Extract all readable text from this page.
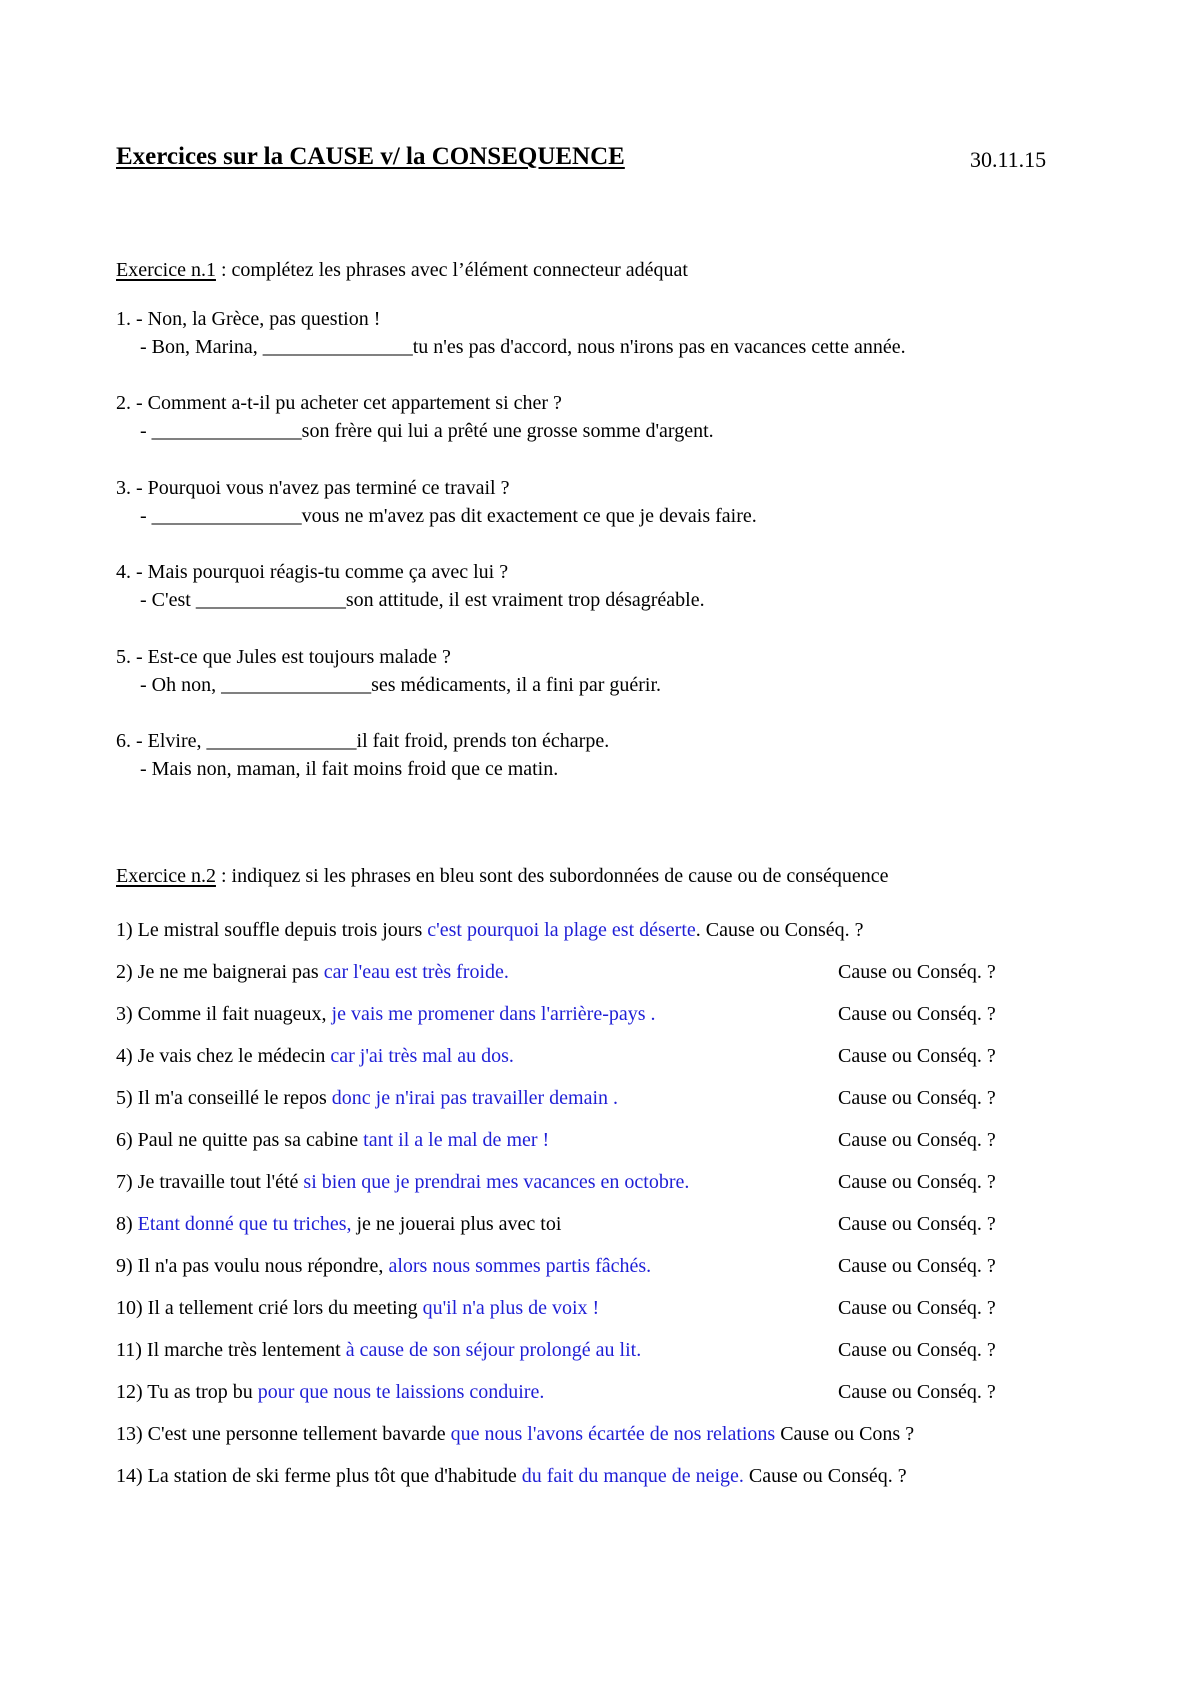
Exercices sur la CAUSE v/ la CONSEQUENCE	30.11.15
Exercice n.1 : complétez les phrases avec l’élément connecteur adéquat
1. - Non, la Grèce, pas question !
- Bon, Marina, _______________tu n'es pas d'accord, nous n'irons pas en vacances cette année.
2. - Comment a-t-il pu acheter cet appartement si cher ?
- _______________son frère qui lui a prêté une grosse somme d'argent.
3. - Pourquoi vous n'avez pas terminé ce travail ?
- _______________vous ne m'avez pas dit exactement ce que je devais faire.
4. - Mais pourquoi réagis-tu comme ça avec lui ?
- C'est _______________son attitude, il est vraiment trop désagréable.
5. - Est-ce que Jules est toujours malade ?
- Oh non, _______________ses médicaments, il a fini par guérir.
6. - Elvire, _______________il fait froid, prends ton écharpe.
- Mais non, maman, il fait moins froid que ce matin.
Exercice n.2 : indiquez si les phrases en bleu sont des subordonnées de cause ou de conséquence
1) Le mistral souffle depuis trois jours c'est pourquoi la plage est déserte. Cause ou Conséq. ?
2) Je ne me baignerai pas car l'eau est très froide.	Cause ou Conséq. ?
3) Comme il fait nuageux, je vais me promener dans l'arrière-pays .	Cause ou Conséq. ?
4) Je vais chez le médecin car j'ai très mal au dos.	Cause ou Conséq. ?
5) Il m'a conseillé le repos donc je n'irai pas travailler demain .	Cause ou Conséq. ?
6) Paul ne quitte pas sa cabine tant il a le mal de mer !	Cause ou Conséq. ?
7) Je travaille tout l'été si bien que je prendrai mes vacances en octobre.	Cause ou Conséq. ?
8) Etant donné que tu triches, je ne jouerai plus avec toi	Cause ou Conséq. ?
9) Il n'a pas voulu nous répondre, alors nous sommes partis fâchés.	Cause ou Conséq. ?
10) Il a tellement crié lors du meeting qu'il n'a plus de voix !	Cause ou Conséq. ?
11) Il marche très lentement à cause de son séjour prolongé au lit.	Cause ou Conséq. ?
12) Tu as trop bu pour que nous te laissions conduire.	Cause ou Conséq. ?
13) C'est une personne tellement bavarde que nous l'avons écartée de nos relations Cause ou Cons ?
14) La station de ski ferme plus tôt que d'habitude du fait du manque de neige. Cause ou Conséq. ?
